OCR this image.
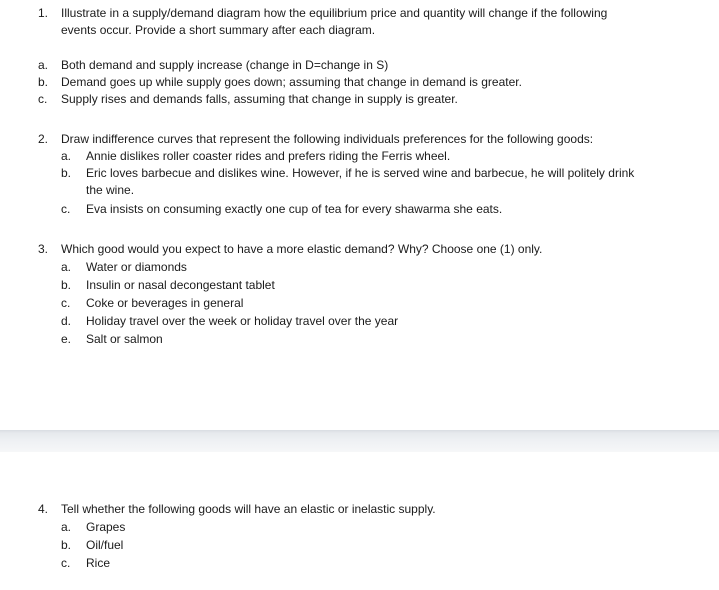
1. Illustrate in a supply/demand diagram how the equilibrium price and quantity will change if the following
events occur. Provide a short summary after each diagram.
a. Both demand and supply increase (change in D=change in S)
b. Demand goes up while supply goes down; assuming that change in demand is greater.
c. Supply rises and demands falls, assuming that change in supply is greater.
2. Draw indifference curves that represent the following individuals preferences for the following goods:
a. Annie dislikes roller coaster rides and prefers riding the Ferris wheel.
b. Eric loves barbecue and dislikes wine. However, if he is served wine and barbecue, he will politely drink
the wine.
c. Eva insists on consuming exactly one cup of tea for every shawarma she eats.
3. Which good would you expect to have a more elastic demand? Why? Choose one (1) only.
a. Water or diamonds
b. Insulin or nasal decongestant tablet
c. Coke or beverages in general
d. Holiday travel over the week or holiday travel over the year
e. Salt or salmon
4. Tell whether the following goods will have an elastic or inelastic supply.
a. Grapes
b. Oil/fuel
c. Rice
